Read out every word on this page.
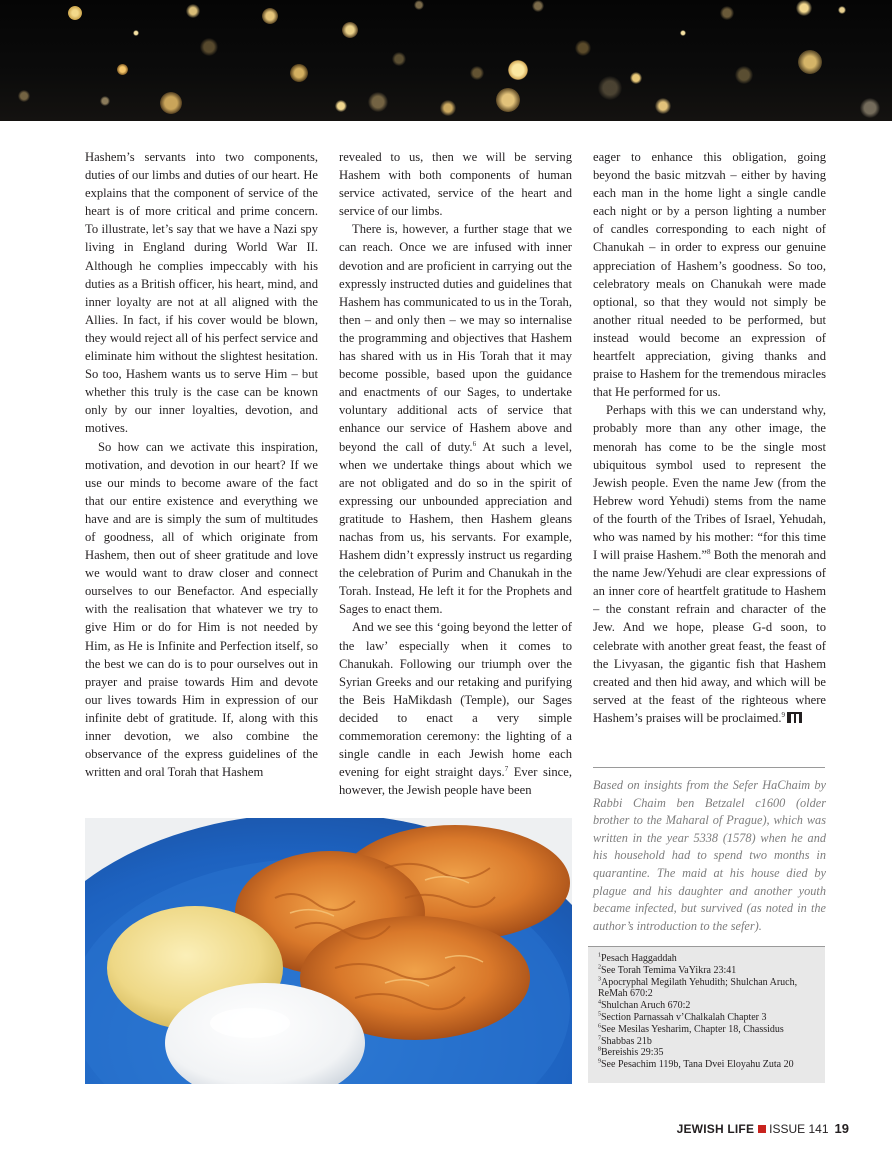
Hashem’s servants into two components, duties of our limbs and duties of our heart. He explains that the component of service of the heart is of more critical and prime concern. To illustrate, let’s say that we have a Nazi spy living in England during World War II. Although he complies impeccably with his duties as a British officer, his heart, mind, and inner loyalty are not at all aligned with the Allies. In fact, if his cover would be blown, they would reject all of his perfect service and eliminate him without the slightest hesitation. So too, Hashem wants us to serve Him – but whether this truly is the case can be known only by our inner loyalties, devotion, and motives.

So how can we activate this inspiration, motivation, and devotion in our heart? If we use our minds to become aware of the fact that our entire existence and everything we have and are is simply the sum of multitudes of goodness, all of which originate from Hashem, then out of sheer gratitude and love we would want to draw closer and connect ourselves to our Benefactor. And especially with the realisation that whatever we try to give Him or do for Him is not needed by Him, as He is Infinite and Perfection itself, so the best we can do is to pour ourselves out in prayer and praise towards Him and devote our lives towards Him in expression of our infinite debt of gratitude. If, along with this inner devotion, we also combine the observance of the express guidelines of the written and oral Torah that Hashem

revealed to us, then we will be serving Hashem with both components of human service activated, service of the heart and service of our limbs.

There is, however, a further stage that we can reach. Once we are infused with inner devotion and are proficient in carrying out the expressly instructed duties and guidelines that Hashem has communicated to us in the Torah, then – and only then – we may so internalise the programming and objectives that Hashem has shared with us in His Torah that it may become possible, based upon the guidance and enactments of our Sages, to undertake voluntary additional acts of service that enhance our service of Hashem above and beyond the call of duty.$^6$ At such a level, when we undertake things about which we are not obligated and do so in the spirit of expressing our unbounded appreciation and gratitude to Hashem, then Hashem gleans nachas from us, his servants. For example, Hashem didn’t expressly instruct us regarding the celebration of Purim and Chanukah in the Torah. Instead, He left it for the Prophets and Sages to enact them.

And we see this ‘going beyond the letter of the law’ especially when it comes to Chanukah. Following our triumph over the Syrian Greeks and our retaking and purifying the Beis HaMikdash (Temple), our Sages decided to enact a very simple commemoration ceremony: the lighting of a single candle in each Jewish home each evening for eight straight days.$^7$ Ever since, however, the Jewish people have been

eager to enhance this obligation, going beyond the basic mitzvah – either by having each man in the home light a single candle each night or by a person lighting a number of candles corresponding to each night of Chanukah – in order to express our genuine appreciation of Hashem’s goodness. So too, celebratory meals on Chanukah were made optional, so that they would not simply be another ritual needed to be performed, but instead would become an expression of heartfelt appreciation, giving thanks and praise to Hashem for the tremendous miracles that He performed for us.

Perhaps with this we can understand why, probably more than any other image, the menorah has come to be the single most ubiquitous symbol used to represent the Jewish people. Even the name Jew (from the Hebrew word Yehudi) stems from the name of the fourth of the Tribes of Israel, Yehudah, who was named by his mother: “for this time I will praise Hashem.”$^8$ Both the menorah and the name Jew/Yehudi are clear expressions of an inner core of heartfelt gratitude to Hashem – the constant refrain and character of the Jew. And we hope, please G-d soon, to celebrate with another great feast, the feast of the Livyasan, the gigantic fish that Hashem created and then hid away, and which will be served at the feast of the righteous where Hashem’s praises will be proclaimed.$^9$

Based on insights from the Sefer HaChaim by Rabbi Chaim ben Betzalel c1600 (older brother to the Maharal of Prague), which was written in the year 5338 (1578) when he and his household had to spend two months in quarantine. The maid at his house died by plague and his daughter and another youth became infected, but survived (as noted in the author’s introduction to the sefer).
$^1$Pesach Haggaddah
$^2$See Torah Temima VaYikra 23:41
$^3$Apocryphal Megilath Yehudith; Shulchan Aruch, ReMah 670:2
$^4$Shulchan Aruch 670:2
$^5$Section Parnassah v’Chalkalah Chapter 3
$^6$See Mesilas Yesharim, Chapter 18, Chassidus
$^7$Shabbas 21b
$^8$Bereishis 29:35
$^9$See Pesachim 119b, Tana Dvei Eloyahu Zuta 20
JEWISH LIFE ISSUE 141 19
